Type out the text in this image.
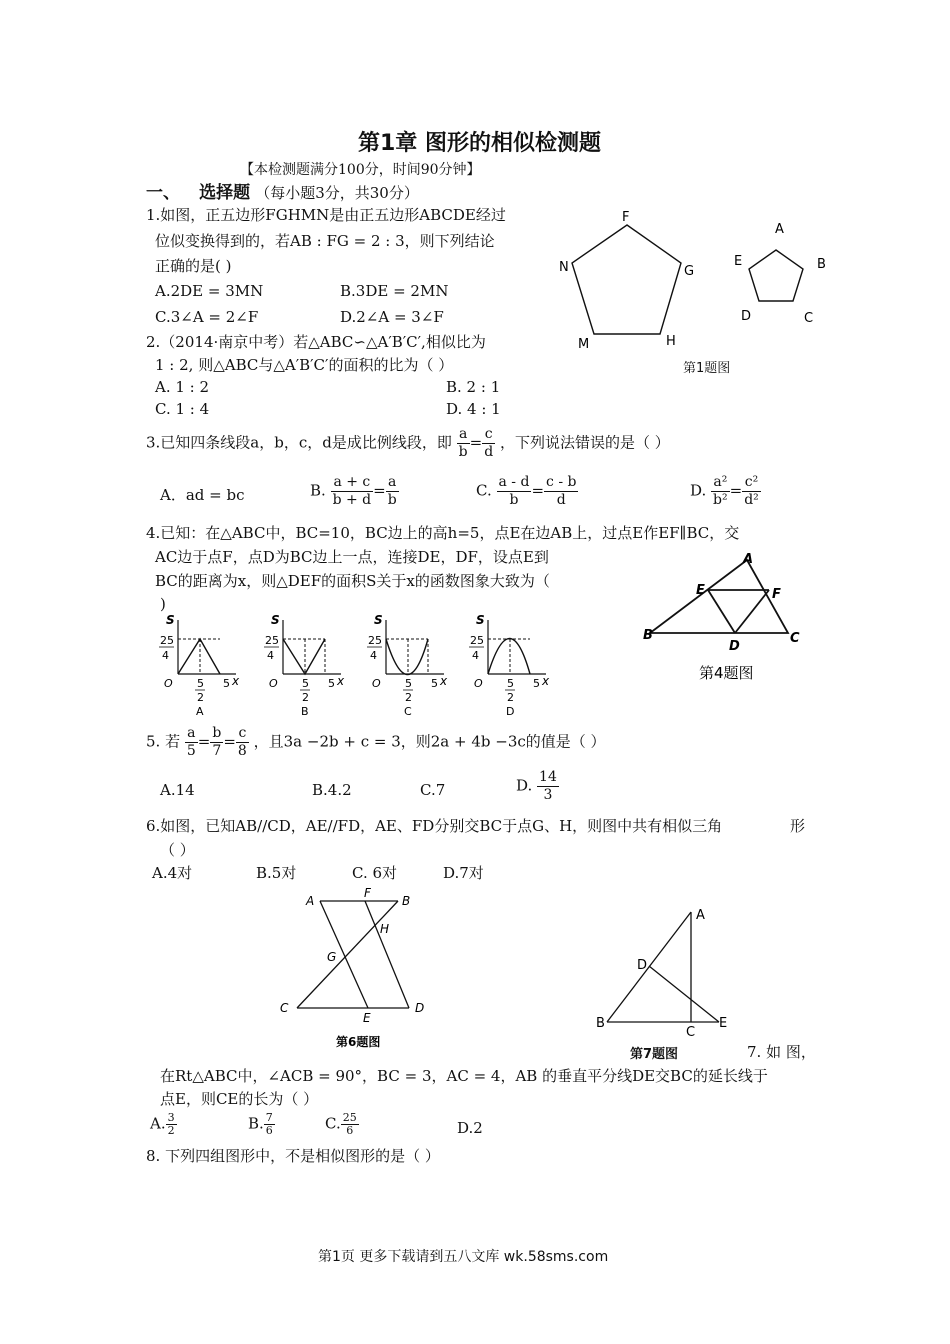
第1章 图形的相似检测题
【本检测题满分100分，时间90分钟】
一、 选择题 （每小题3分，共30分）
1.如图，正五边形FGHMN是由正五边形ABCDE经过
位似变换得到的，若AB : FG = 2 : 3，则下列结论
正确的是( )
A.2DE = 3MN	B.3DE = 2MN
C.3∠A = 2∠F	D.2∠A = 3∠F
F
N	G
M	H
A
E	B
D	C
第1题图
2.（2014·南京中考）若△ABC∽△A′B′C′,相似比为
1 : 2, 则△ABC与△A′B′C′的面积的比为（ ）
A. 1 : 2	B. 2 : 1
C. 1 : 4	D. 4 : 1
3.已知四条线段a，b，c，d是成比例线段，即 $\frac{a}{b} = \frac{c}{d}$ ，下列说法错误的是（ ）
A．ad = bc	B. $\frac{a + c}{b + d} = \frac{a}{b}$	C. $\frac{a - d}{b} = \frac{c - b}{d}$	D. $\frac{\text{a²}}{\text{b²}} = \frac{\text{c²}}{\text{d²}}$
4.已知：在△ABC中，BC=10，BC边上的高h=5，点E在边AB上，过点E作EF∥BC，交
AC边于点F，点D为BC边上一点，连接DE，DF，设点E到
BC的距离为x，则△DEF的面积S关于x的函数图象大致为（
)
S
25
4
O 5
2
5 x
A
S
25
4
O 5
2
5 x
B
S
25
4
O 5
2
5 x
C
S
25
4
O 5
2
5 x
D
A
B	C
D
E	F
第4题图
5. 若 $\frac{a}{5} = \frac{b}{7} = \frac{c}{8}$ ，且3a −2b + c = 3，则2a + 4b −3c的值是（ ）
A.14	B.4.2	C.7	D. $\frac{14}{3}$
6.如图，已知AB//CD，AE//FD，AE、FD分别交BC于点G、H，则图中共有相似三角	形
（ ）
A.4对	B.5对	C. 6对	D.7对
A
F
B
H
G
C
E
D
第6题图
A
D
B
C
E
第7题图	7. 如 图，
在Rt△ABC中，∠ACB = 90°，BC = 3，AC = 4，AB 的垂直平分线DE交BC的延长线于
点E，则CE的长为（ ）
A. $\frac{3}{2}$	B. $\frac{7}{6}$	C. $\frac{25}{6}$	D.2
8. 下列四组图形中，不是相似图形的是（ ）
第1页 更多下载请到五八文库 wk.58sms.com
